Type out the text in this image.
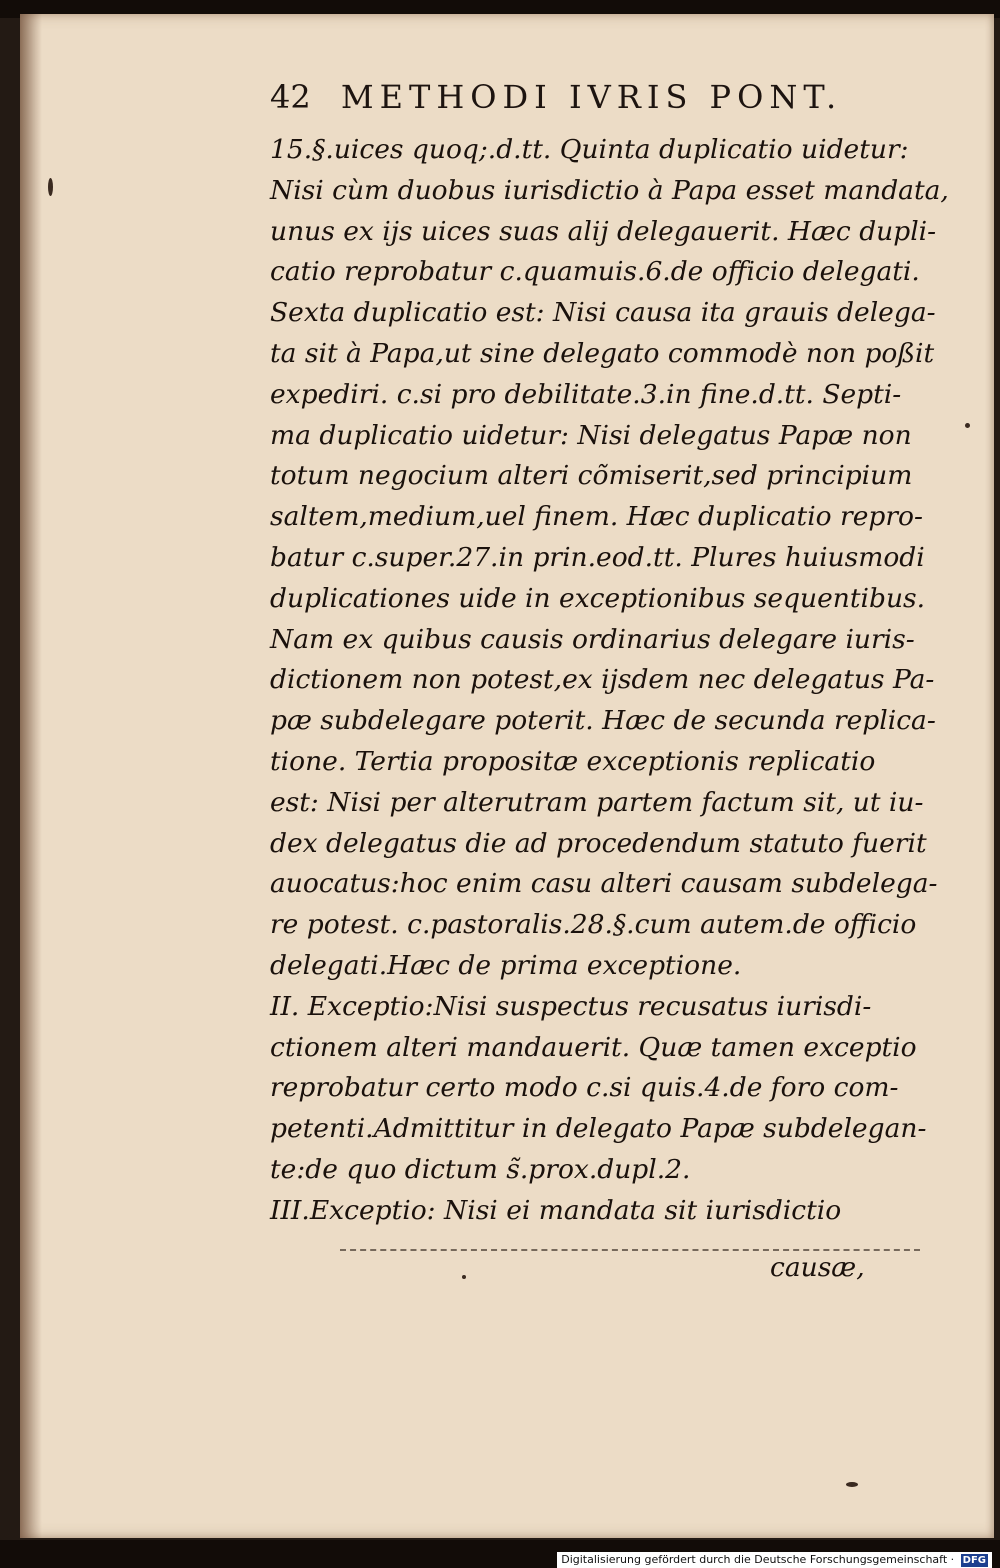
42 METHODI IVRIS PONT.
15.§.uices quoq;.d.tt. Quinta duplicatio uidetur:
Nisi cùm duobus iurisdictio à Papa esset mandata,
unus ex ijs uices suas alij delegauerit. Hæc dupli-
catio reprobatur c.quamuis.6.de officio delegati.
Sexta duplicatio est: Nisi causa ita grauis delega-
ta sit à Papa,ut sine delegato commodè non poßit
expediri. c.si pro debilitate.3.in fine.d.tt. Septi-
ma duplicatio uidetur: Nisi delegatus Papæ non
totum negocium alteri cõmiserit,sed principium
saltem,medium,uel finem. Hæc duplicatio repro-
batur c.super.27.in prin.eod.tt. Plures huiusmodi
duplicationes uide in exceptionibus sequentibus.
Nam ex quibus causis ordinarius delegare iuris-
dictionem non potest,ex ijsdem nec delegatus Pa-
pæ subdelegare poterit. Hæc de secunda replica-
tione. Tertia propositæ exceptionis replicatio
est: Nisi per alterutram partem factum sit, ut iu-
dex delegatus die ad procedendum statuto fuerit
auocatus:hoc enim casu alteri causam subdelega-
re potest. c.pastoralis.28.§.cum autem.de officio
delegati.Hæc de prima exceptione.
II. Exceptio:Nisi suspectus recusatus iurisdi-
ctionem alteri mandauerit. Quæ tamen exceptio
reprobatur certo modo c.si quis.4.de foro com-
petenti.Admittitur in delegato Papæ subdelegan-
te:de quo dictum s̃.prox.dupl.2.
III.Exceptio: Nisi ei mandata sit iurisdictio
causæ,
Digitalisierung gefördert durch die Deutsche Forschungsgemeinschaft · DFG
